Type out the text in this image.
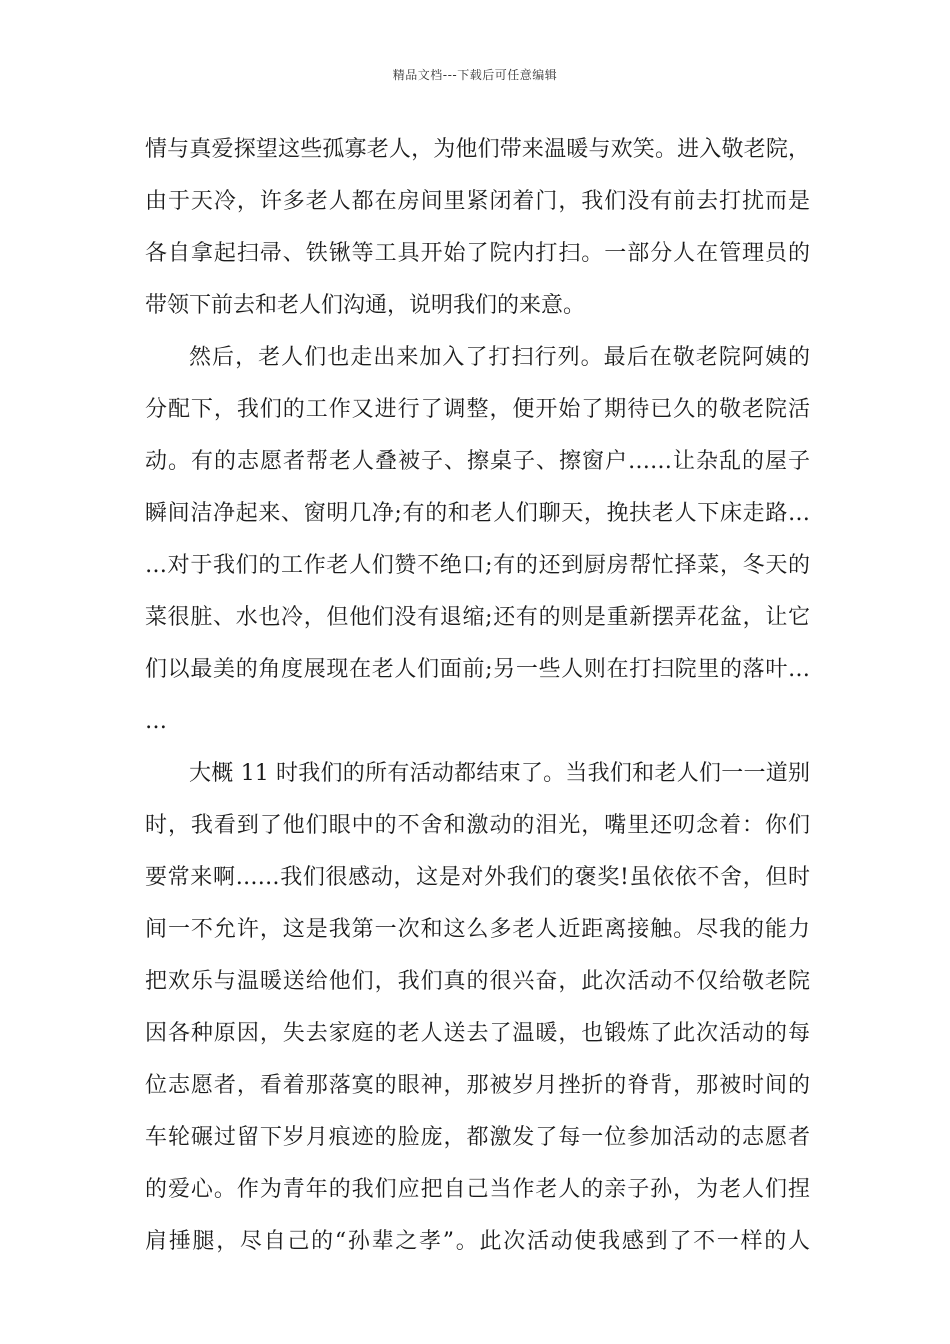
精品文档---下载后可任意编辑
情与真爱探望这些孤寡老人，为他们带来温暖与欢笑。进入敬老院，
由于天冷，许多老人都在房间里紧闭着门，我们没有前去打扰而是
各自拿起扫帚、铁锹等工具开始了院内打扫。一部分人在管理员的
带领下前去和老人们沟通，说明我们的来意。
然后，老人们也走出来加入了打扫行列。最后在敬老院阿姨的
分配下，我们的工作又进行了调整，便开始了期待已久的敬老院活
动。有的志愿者帮老人叠被子、擦桌子、擦窗户……让杂乱的屋子
瞬间洁净起来、窗明几净;有的和老人们聊天，挽扶老人下床走路…
…对于我们的工作老人们赞不绝口;有的还到厨房帮忙择菜，冬天的
菜很脏、水也冷，但他们没有退缩;还有的则是重新摆弄花盆，让它
们以最美的角度展现在老人们面前;另一些人则在打扫院里的落叶…
…
大概 11 时我们的所有活动都结束了。当我们和老人们一一道别
时，我看到了他们眼中的不舍和激动的泪光，嘴里还叨念着：你们
要常来啊……我们很感动，这是对外我们的褒奖!虽依依不舍，但时
间一不允许，这是我第一次和这么多老人近距离接触。尽我的能力
把欢乐与温暖送给他们，我们真的很兴奋，此次活动不仅给敬老院
因各种原因，失去家庭的老人送去了温暖，也锻炼了此次活动的每
位志愿者，看着那落寞的眼神，那被岁月挫折的脊背，那被时间的
车轮碾过留下岁月痕迹的脸庞，都激发了每一位参加活动的志愿者
的爱心。作为青年的我们应把自己当作老人的亲子孙，为老人们捏
肩捶腿，尽自己的“孙辈之孝”。此次活动使我感到了不一样的人
